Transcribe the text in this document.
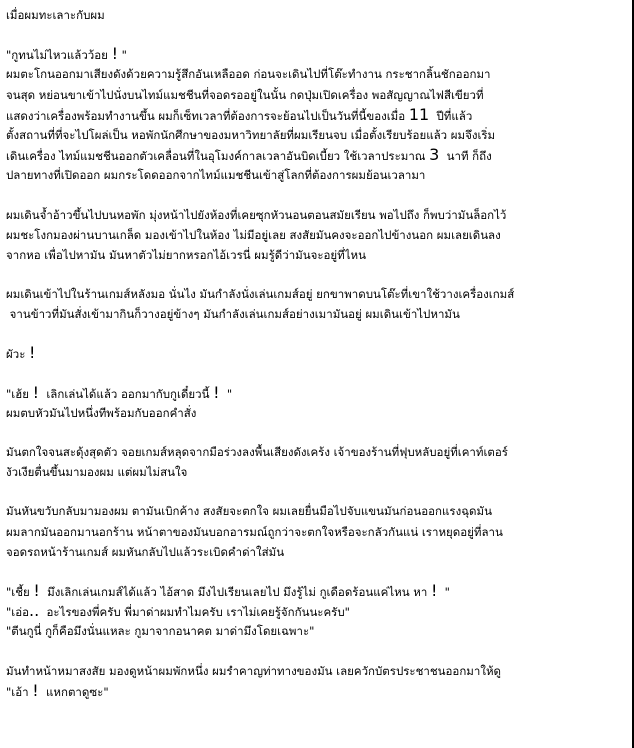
เมื่อผมทะเลาะกับผม
"กูทนไม่ไหวแล้วว้อย ! "
ผมตะโกนออกมาเสียงดังด้วยความรู้สึกอันเหลืออด ก่อนจะเดินไปที่โต๊ะทำงาน กระชากลิ้นชักออกมา
จนสุด หย่อนขาเข้าไปนั่งบนไทม์แมชชีนที่จอดรออยู่ในนั้น กดปุ่มเปิดเครื่อง พอสัญญาณไฟสีเขียวที่
แสดงว่าเครื่องพร้อมทำงานขึ้น ผมก็เซ็ทเวลาที่ต้องการจะย้อนไปเป็นวันที่นี้ของเมื่อ 11  ปีที่แล้ว
ตั้งสถานที่ที่จะไปโผล่เป็น หอพักนักศึกษาของมหาวิทยาลัยที่ผมเรียนจบ เมื่อตั้งเรียบร้อยแล้ว ผมจึงเริ่ม
เดินเครื่อง ไทม์แมชชีนออกตัวเคลื่อนที่ในอุโมงค์กาลเวลาอันบิดเบี้ยว ใช้เวลาประมาณ 3  นาที ก็ถึง
ปลายทางที่เปิดออก ผมกระโดดออกจากไทม์แมชชีนเข้าสู่โลกที่ต้องการผมย้อนเวลามา
ผมเดินจ้ำอ้าวขึ้นไปบนหอพัก มุ่งหน้าไปยังห้องที่เคยซุกหัวนอนตอนสมัยเรียน พอไปถึง ก็พบว่ามันล็อกไว้
ผมชะโงกมองผ่านบานเกล็ด มองเข้าไปในห้อง ไม่มีอยู่เลย สงสัยมันคงจะออกไปข้างนอก ผมเลยเดินลง
จากหอ เพื่อไปหามัน มันหาตัวไม่ยากหรอกไอ้เวรนี่ ผมรู้ดีว่ามันจะอยู่ที่ไหน
ผมเดินเข้าไปในร้านเกมส์หลังมอ นั่นไง มันกำลังนั่งเล่นเกมส์อยู่ ยกขาพาดบนโต๊ะที่เขาใช้วางเครื่องเกมส์
จานข้าวที่มันสั่งเข้ามากินก็วางอยู่ข้างๆ มันกำลังเล่นเกมส์อย่างเมามันอยู่ ผมเดินเข้าไปหามัน
ผัวะ !
"เฮ้ย !  เลิกเล่นได้แล้ว ออกมากับกูเดี๋ยวนี้ !  "
ผมตบหัวมันไปหนึ่งทีพร้อมกับออกคำสั่ง
มันตกใจจนสะดุ้งสุดตัว จอยเกมส์หลุดจากมือร่วงลงพื้นเสียงดังเคร้ง เจ้าของร้านที่ฟุบหลับอยู่ที่เคาท์เตอร์
งัวเงียตื่นขึ้นมามองผม แต่ผมไม่สนใจ
มันหันขวับกลับมามองผม ตามันเบิกค้าง สงสัยจะตกใจ ผมเลยยื่นมือไปจับแขนมันก่อนออกแรงฉุดมัน
ผมลากมันออกมานอกร้าน หน้าตาของมันบอกอารมณ์ถูกว่าจะตกใจหรือจะกลัวกันแน่ เราหยุดอยู่ที่ลาน
จอดรถหน้าร้านเกมส์ ผมหันกลับไปแล้วระเบิดคำด่าใส่มัน
"เชี้ย !  มึงเลิกเล่นเกมส์ได้แล้ว ไอ้สาด มึงไปเรียนเลยไป มึงรู้ไม่ กูเดือดร้อนแค่ไหน หา !  "
"เอ่อ..  อะไรของพี่ครับ พี่มาด่าผมทำไมครับ เราไม่เคยรู้จักกันนะครับ"
"ตีนกูนี่ กูก็คือมึงนั่นแหละ กูมาจากอนาคต มาด่ามึงโดยเฉพาะ"
มันทำหน้าหมาสงสัย มองดูหน้าผมพักหนึ่ง ผมรำคาญท่าทางของมัน เลยควักบัตรประชาชนออกมาให้ดู
"เอ้า !  แหกตาดูซะ"
